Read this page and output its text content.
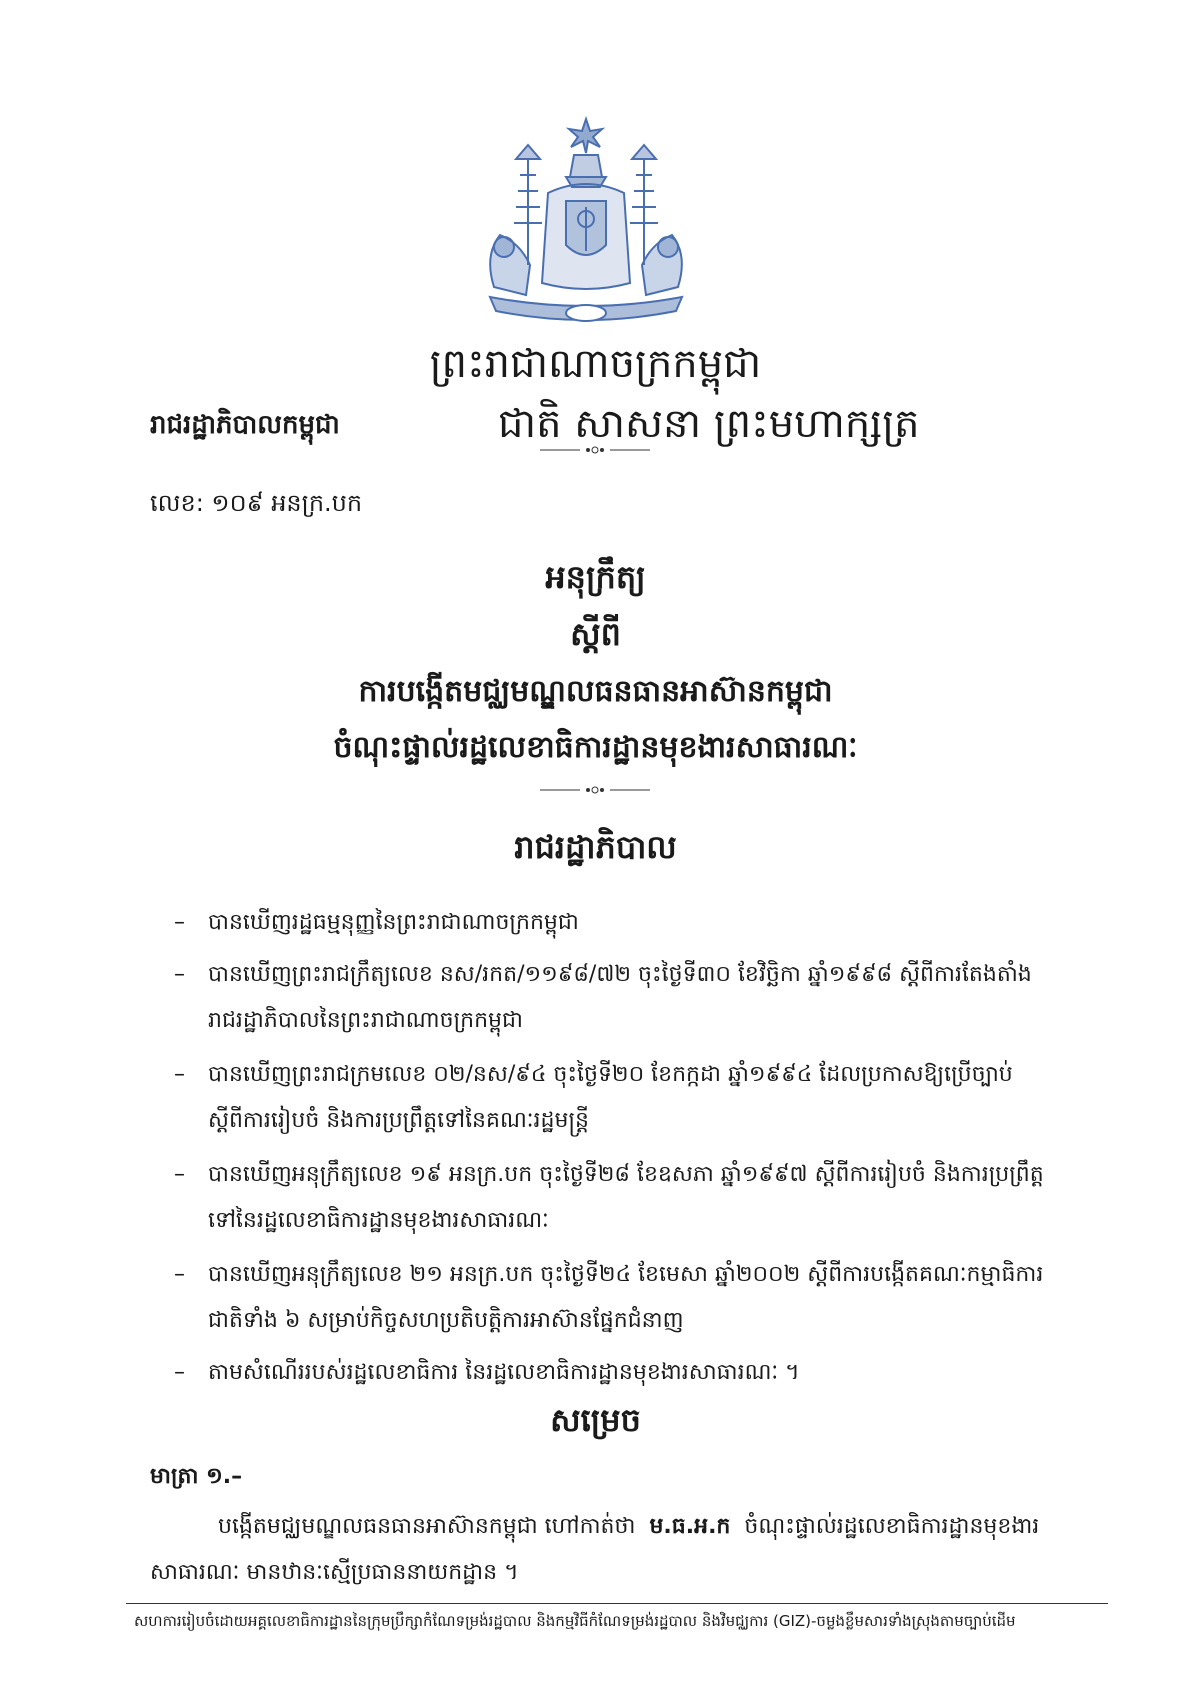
ព្រះរាជាណាចក្រកម្ពុជា
រាជរដ្ឋាភិបាលកម្ពុជា	ជាតិ សាសនា ព្រះមហាក្សត្រ
លេខ: ១០៩ អនក្រ.បក
អនុក្រឹត្យ
ស្តីពី
ការបង្កើតមជ្ឈមណ្ឌលធនធានអាស៊ានកម្ពុជា
ចំណុះផ្ទាល់រដ្ឋលេខាធិការដ្ឋានមុខងារសាធារណៈ
រាជរដ្ឋាភិបាល
– បានឃើញរដ្ឋធម្មនុញ្ញនៃព្រះរាជាណាចក្រកម្ពុជា
– បានឃើញព្រះរាជក្រឹត្យលេខ នស/រកត/១១៩៨/៧២ ចុះថ្ងៃទី៣០ ខែវិច្ឆិកា ឆ្នាំ១៩៩៨ ស្តីពីការតែងតាំង
រាជរដ្ឋាភិបាលនៃព្រះរាជាណាចក្រកម្ពុជា
– បានឃើញព្រះរាជក្រមលេខ ០២/នស/៩៤ ចុះថ្ងៃទី២០ ខែកក្កដា ឆ្នាំ១៩៩៤ ដែលប្រកាសឱ្យប្រើច្បាប់
ស្តីពីការរៀបចំ និងការប្រព្រឹត្តទៅនៃគណៈរដ្ឋមន្ត្រី
– បានឃើញអនុក្រឹត្យលេខ ១៩ អនក្រ.បក ចុះថ្ងៃទី២៨ ខែឧសភា ឆ្នាំ១៩៩៧ ស្តីពីការរៀបចំ និងការប្រព្រឹត្ត
ទៅនៃរដ្ឋលេខាធិការដ្ឋានមុខងារសាធារណៈ
– បានឃើញអនុក្រឹត្យលេខ ២១ អនក្រ.បក ចុះថ្ងៃទី២៤ ខែមេសា ឆ្នាំ២០០២ ស្តីពីការបង្កើតគណៈកម្មាធិការ
ជាតិទាំង ៦ សម្រាប់កិច្ចសហប្រតិបត្តិការអាស៊ានផ្នែកជំនាញ
– តាមសំណើររបស់រដ្ឋលេខាធិការ នៃរដ្ឋលេខាធិការដ្ឋានមុខងារសាធារណៈ ។
សម្រេច
មាត្រា ១.–
បង្កើតមជ្ឈមណ្ឌលធនធានអាស៊ានកម្ពុជា ហៅកាត់ថា ម.ធ.អ.ក ចំណុះផ្ទាល់រដ្ឋលេខាធិការដ្ឋានមុខងារ
សាធារណៈ មានឋានៈស្មើប្រធាននាយកដ្ឋាន ។
សហការរៀបចំដោយអគ្គលេខាធិការដ្ឋាននៃក្រុមប្រឹក្សាកំណែទម្រង់រដ្ឋបាល និងកម្មវិធីកំណែទម្រង់រដ្ឋបាល និងវិមជ្ឈការ (GIZ)-ចម្លងខ្លឹមសារទាំងស្រុងតាមច្បាប់ដើម
